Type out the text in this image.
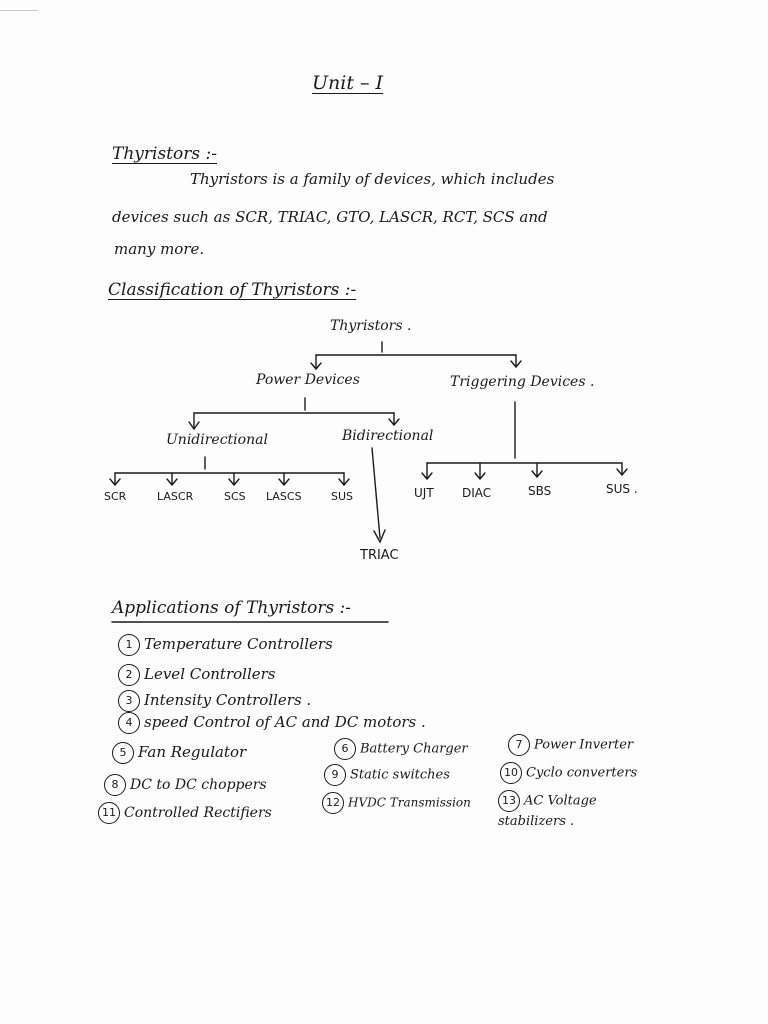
Unit – I
Thyristors :-
Thyristors is a family of devices, which includes
devices such as SCR, TRIAC, GTO, LASCR, RCT, SCS and
many more.
Classification of Thyristors :-
Thyristors .
Power Devices	Triggering Devices .
Unidirectional	Bidirectional
SCR	LASCR	SCS LASCS	SUS	UJT DIAC	SBS	SUS .
TRIAC
Applications of Thyristors :-
1 Temperature Controllers
2 Level Controllers
3 Intensity Controllers .
4 speed Control of AC and DC motors .
5 Fan Regulator	6 Battery Charger	7 Power Inverter
8 DC to DC choppers
9 Static switches	10 Cyclo converters
11 Controlled Rectifiers
12 HVDC Transmission	13 AC Voltage stabilizers .
